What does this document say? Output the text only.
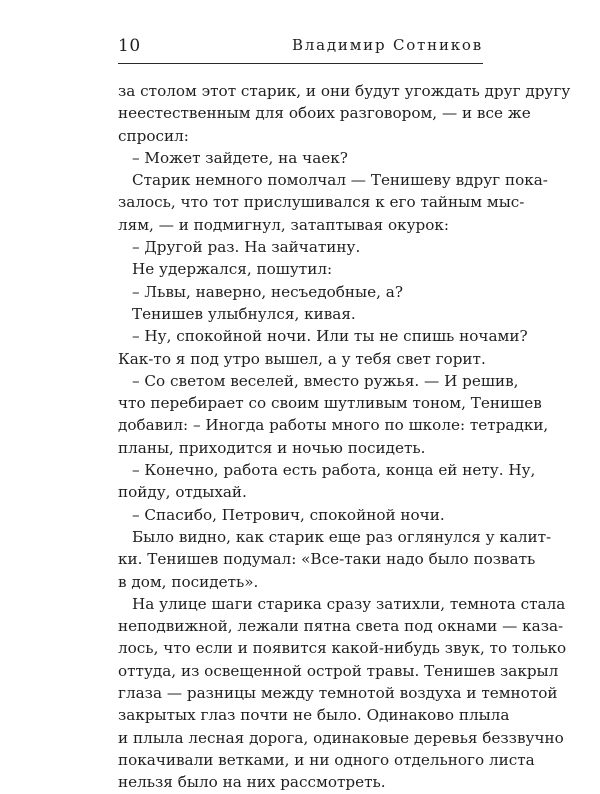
10	Владимир Сотников
за столом этот старик, и они будут угождать друг другу
неестественным для обоих разговором, — и все же
спросил:
– Может зайдете, на чаек?
Старик немного помолчал — Тенишеву вдруг пока-
залось, что тот прислушивался к его тайным мыс-
лям, — и подмигнул, затаптывая окурок:
– Другой раз. На зайчатину.
Не удержался, пошутил:
– Львы, наверно, несъедобные, а?
Тенишев улыбнулся, кивая.
– Ну, спокойной ночи. Или ты не спишь ночами?
Как-то я под утро вышел, а у тебя свет горит.
– Со светом веселей, вместо ружья. — И решив,
что перебирает со своим шутливым тоном, Тенишев
добавил: – Иногда работы много по школе: тетрадки,
планы, приходится и ночью посидеть.
– Конечно, работа есть работа, конца ей нету. Ну,
пойду, отдыхай.
– Спасибо, Петрович, спокойной ночи.
Было видно, как старик еще раз оглянулся у калит-
ки. Тенишев подумал: «Все-таки надо было позвать
в дом, посидеть».
На улице шаги старика сразу затихли, темнота стала
неподвижной, лежали пятна света под окнами — каза-
лось, что если и появится какой-нибудь звук, то только
оттуда, из освещенной острой травы. Тенишев закрыл
глаза — разницы между темнотой воздуха и темнотой
закрытых глаз почти не было. Одинаково плыла
и плыла лесная дорога, одинаковые деревья беззвучно
покачивали ветками, и ни одного отдельного листа
нельзя было на них рассмотреть.
